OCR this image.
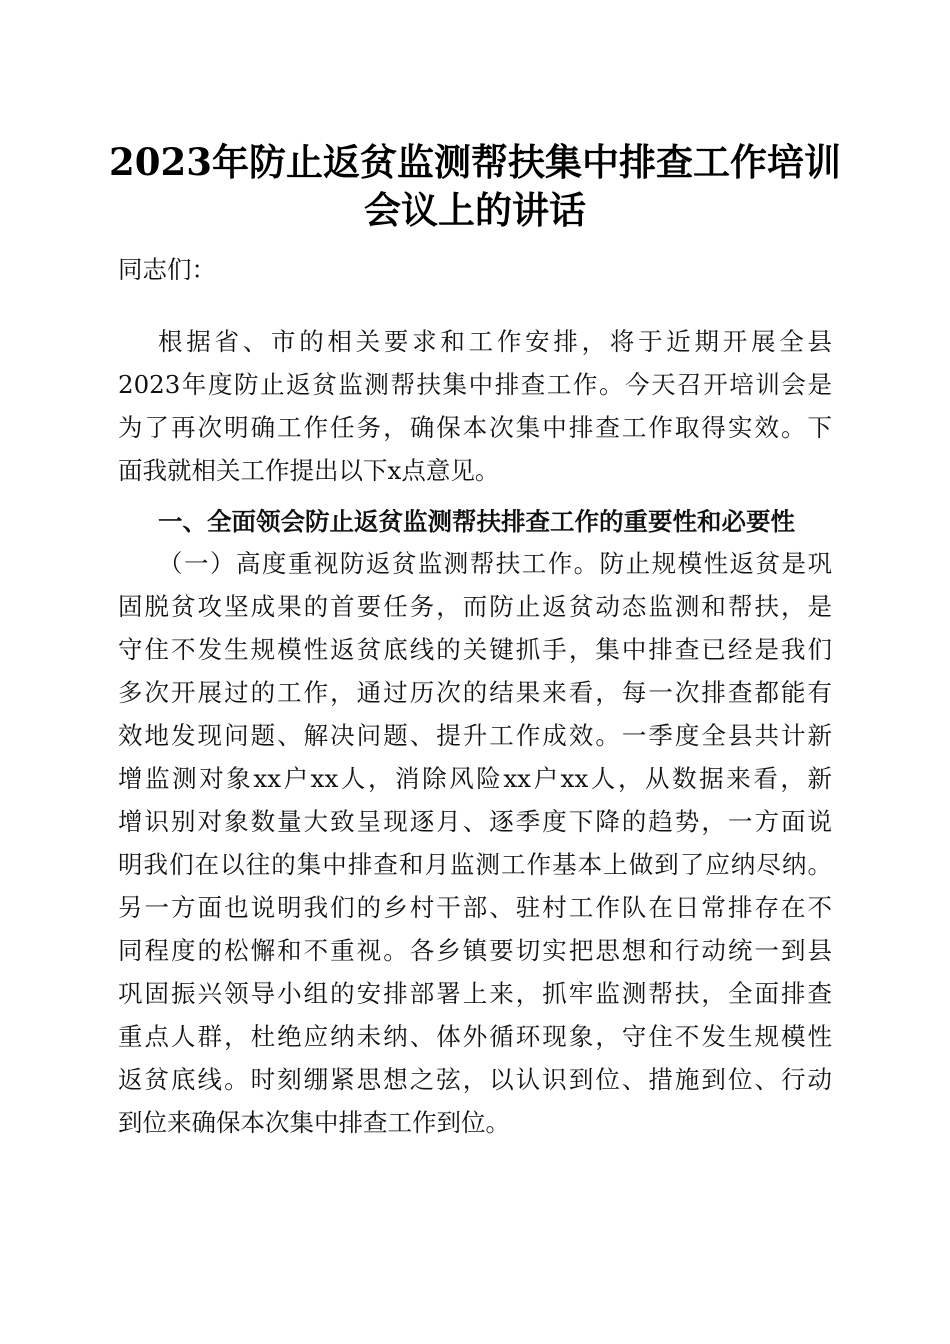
2023年防止返贫监测帮扶集中排查工作培训
会议上的讲话
同志们：
根据省、市的相关要求和工作安排，将于近期开展全县
2023年度防止返贫监测帮扶集中排查工作。今天召开培训会是
为了再次明确工作任务，确保本次集中排查工作取得实效。下
面我就相关工作提出以下x点意见。
一、全面领会防止返贫监测帮扶排查工作的重要性和必要性
（一）高度重视防返贫监测帮扶工作。防止规模性返贫是巩
固脱贫攻坚成果的首要任务，而防止返贫动态监测和帮扶，是
守住不发生规模性返贫底线的关键抓手，集中排查已经是我们
多次开展过的工作，通过历次的结果来看，每一次排查都能有
效地发现问题、解决问题、提升工作成效。一季度全县共计新
增监测对象xx户xx人，消除风险xx户xx人，从数据来看，新
增识别对象数量大致呈现逐月、逐季度下降的趋势，一方面说
明我们在以往的集中排查和月监测工作基本上做到了应纳尽纳。
另一方面也说明我们的乡村干部、驻村工作队在日常排存在不
同程度的松懈和不重视。各乡镇要切实把思想和行动统一到县
巩固振兴领导小组的安排部署上来，抓牢监测帮扶，全面排查
重点人群，杜绝应纳未纳、体外循环现象，守住不发生规模性
返贫底线。时刻绷紧思想之弦，以认识到位、措施到位、行动
到位来确保本次集中排查工作到位。
